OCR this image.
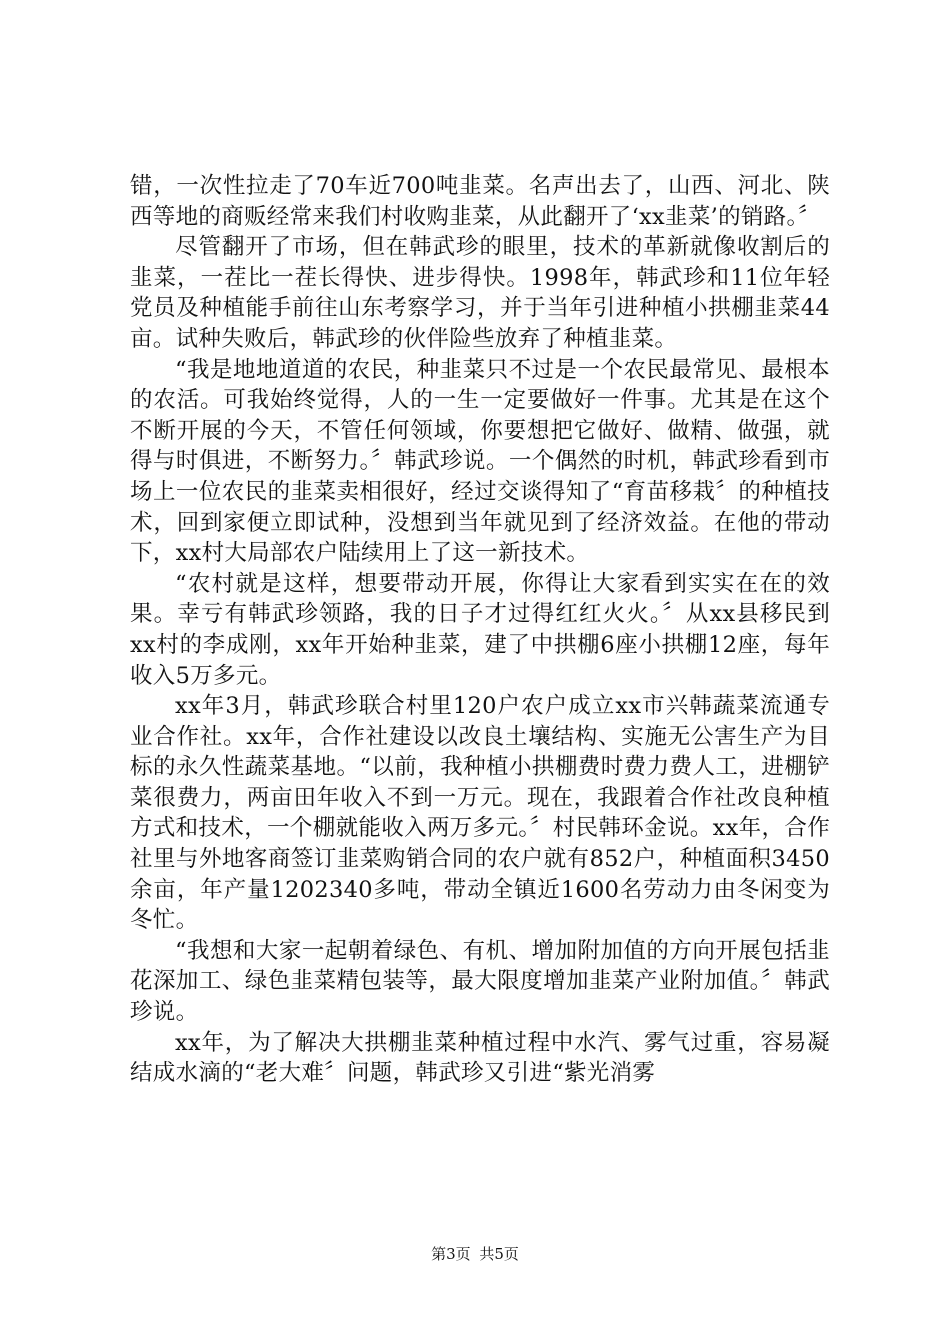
错，一次性拉走了70车近700吨韭菜。名声出去了，山西、河北、陕西等地的商贩经常来我们村收购韭菜，从此翻开了‘xx韭菜’的销路。〞

尽管翻开了市场，但在韩武珍的眼里，技术的革新就像收割后的韭菜，一茬比一茬长得快、进步得快。1998年，韩武珍和11位年轻党员及种植能手前往山东考察学习，并于当年引进种植小拱棚韭菜44亩。试种失败后，韩武珍的伙伴险些放弃了种植韭菜。

“我是地地道道的农民，种韭菜只不过是一个农民最常见、最根本的农活。可我始终觉得，人的一生一定要做好一件事。尤其是在这个不断开展的今天，不管任何领域，你要想把它做好、做精、做强，就得与时俱进，不断努力。〞韩武珍说。一个偶然的时机，韩武珍看到市场上一位农民的韭菜卖相很好，经过交谈得知了“育苗移栽〞的种植技术，回到家便立即试种，没想到当年就见到了经济效益。在他的带动下，xx村大局部农户陆续用上了这一新技术。

“农村就是这样，想要带动开展，你得让大家看到实实在在的效果。幸亏有韩武珍领路，我的日子才过得红红火火。〞从xx县移民到xx村的李成刚，xx年开始种韭菜，建了中拱棚6座小拱棚12座，每年收入5万多元。

xx年3月，韩武珍联合村里120户农户成立xx市兴韩蔬菜流通专业合作社。xx年，合作社建设以改良土壤结构、实施无公害生产为目标的永久性蔬菜基地。“以前，我种植小拱棚费时费力费人工，进棚铲菜很费力，两亩田年收入不到一万元。现在，我跟着合作社改良种植方式和技术，一个棚就能收入两万多元。〞村民韩环金说。xx年，合作社里与外地客商签订韭菜购销合同的农户就有852户，种植面积3450余亩，年产量1202340多吨，带动全镇近1600名劳动力由冬闲变为冬忙。

“我想和大家一起朝着绿色、有机、增加附加值的方向开展包括韭花深加工、绿色韭菜精包装等，最大限度增加韭菜产业附加值。〞韩武珍说。

xx年，为了解决大拱棚韭菜种植过程中水汽、雾气过重，容易凝结成水滴的“老大难〞问题，韩武珍又引进“紫光消雾

第3页 共5页
